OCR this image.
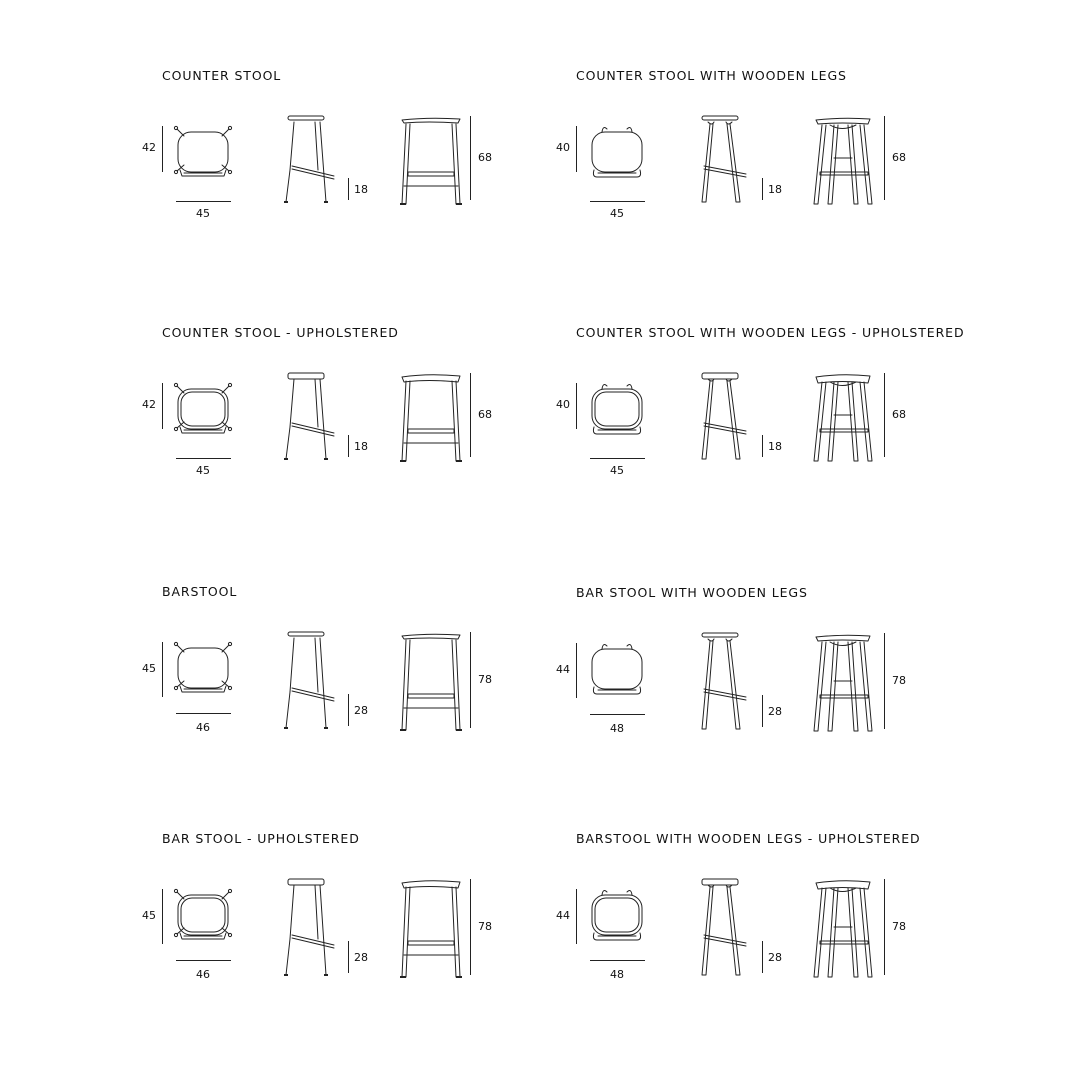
COUNTER STOOL
42
45
18
68
COUNTER STOOL WITH WOODEN LEGS
40
45
18
68
COUNTER STOOL - UPHOLSTERED
42
45
18
68
COUNTER STOOL WITH WOODEN LEGS - UPHOLSTERED
40
45
18
68
BARSTOOL
45
46
28
78
BAR STOOL WITH WOODEN LEGS
44
48
28
78
BAR STOOL - UPHOLSTERED
45
46
28
78
BARSTOOL WITH WOODEN LEGS - UPHOLSTERED
44
48
28
78
